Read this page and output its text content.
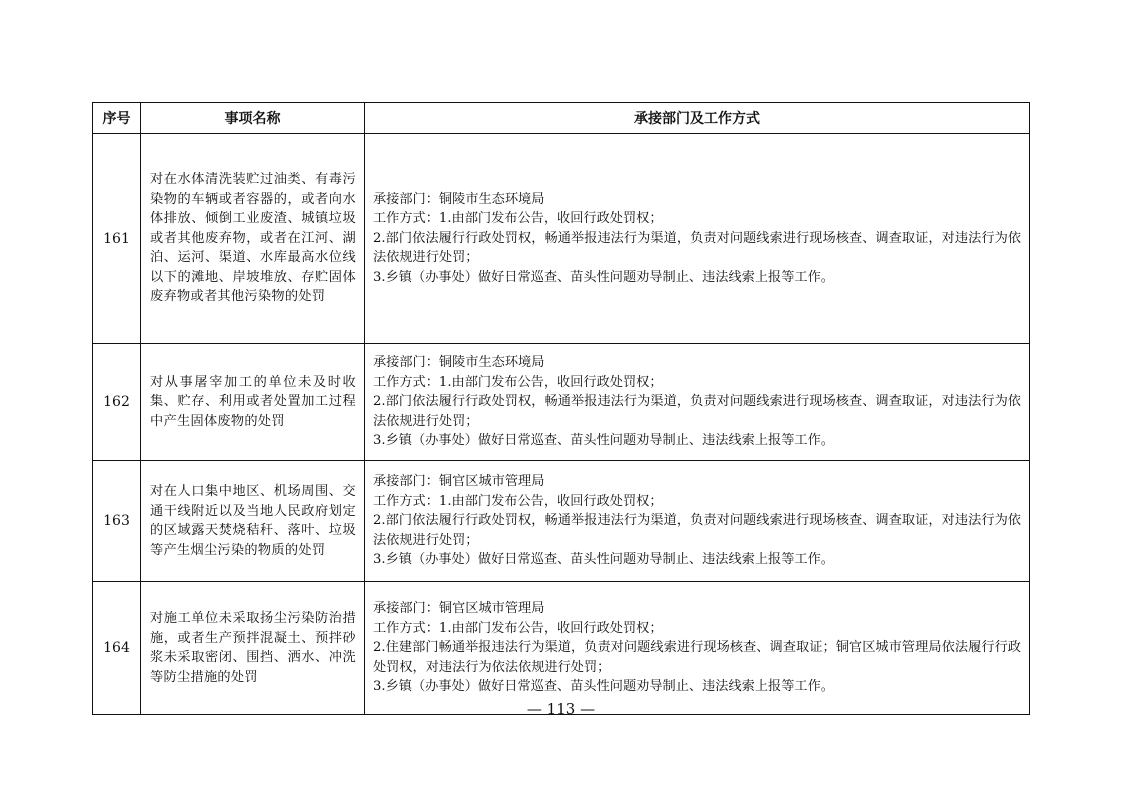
序号	事项名称	承接部门及工作方式
161	对在水体清洗装贮过油类、有毒污染物的车辆或者容器的，或者向水体排放、倾倒工业废渣、城镇垃圾或者其他废弃物，或者在江河、湖泊、运河、渠道、水库最高水位线以下的滩地、岸坡堆放、存贮固体废弃物或者其他污染物的处罚	承接部门：铜陵市生态环境局
工作方式：1.由部门发布公告，收回行政处罚权；
2.部门依法履行行政处罚权，畅通举报违法行为渠道，负责对问题线索进行现场核查、调查取证，对违法行为依法依规进行处罚；
3.乡镇（办事处）做好日常巡查、苗头性问题劝导制止、违法线索上报等工作。

162	对从事屠宰加工的单位未及时收集、贮存、利用或者处置加工过程中产生固体废物的处罚	承接部门：铜陵市生态环境局
工作方式：1.由部门发布公告，收回行政处罚权；
2.部门依法履行行政处罚权，畅通举报违法行为渠道，负责对问题线索进行现场核查、调查取证，对违法行为依法依规进行处罚；
3.乡镇（办事处）做好日常巡查、苗头性问题劝导制止、违法线索上报等工作。

163	对在人口集中地区、机场周围、交通干线附近以及当地人民政府划定的区域露天焚烧秸秆、落叶、垃圾等产生烟尘污染的物质的处罚	承接部门：铜官区城市管理局
工作方式：1.由部门发布公告，收回行政处罚权；
2.部门依法履行行政处罚权，畅通举报违法行为渠道，负责对问题线索进行现场核查、调查取证，对违法行为依法依规进行处罚；
3.乡镇（办事处）做好日常巡查、苗头性问题劝导制止、违法线索上报等工作。

164	对施工单位未采取扬尘污染防治措施，或者生产预拌混凝土、预拌砂浆未采取密闭、围挡、洒水、冲洗等防尘措施的处罚	承接部门：铜官区城市管理局
工作方式：1.由部门发布公告，收回行政处罚权；
2.住建部门畅通举报违法行为渠道，负责对问题线索进行现场核查、调查取证；铜官区城市管理局依法履行行政处罚权，对违法行为依法依规进行处罚；
3.乡镇（办事处）做好日常巡查、苗头性问题劝导制止、违法线索上报等工作。
— 113 —
